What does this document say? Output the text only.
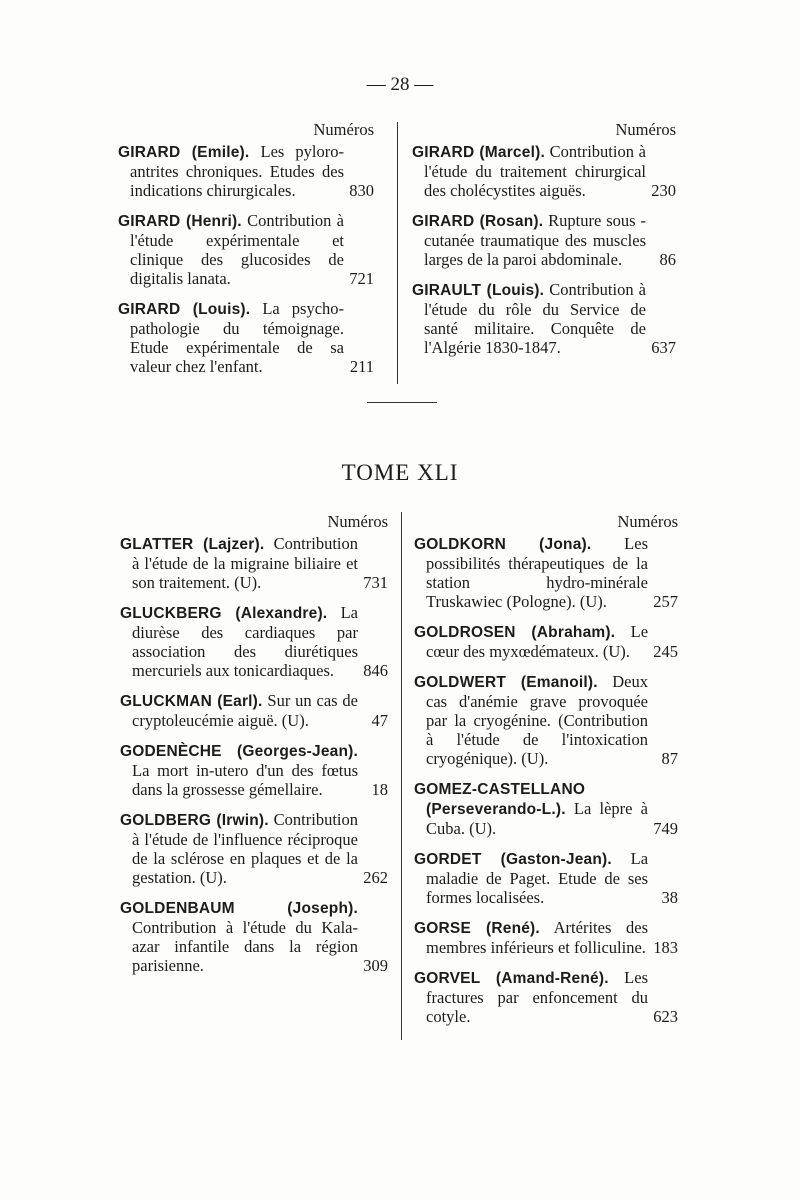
— 28 —
Numéros
GIRARD (Emile). Les pyloro-antrites chroniques. Etudes des indications chirurgicales.	830
GIRARD (Henri). Contribution à l'étude expérimentale et clinique des glucosides de digitalis lanata.	721
GIRARD (Louis). La psycho-pathologie du témoignage. Etude expérimentale de sa valeur chez l'enfant.	211
Numéros
GIRARD (Marcel). Contribution à l'étude du traitement chirurgical des cholécystites aiguës.	230
GIRARD (Rosan). Rupture sous - cutanée traumatique des muscles larges de la paroi abdominale. 86
GIRAULT (Louis). Contribution à l'étude du rôle du Service de santé militaire. Conquête de l'Algérie 1830-1847.	637
TOME XLI
Numéros
GLATTER (Lajzer). Contribution à l'étude de la migraine biliaire et son traitement. (U).	731
GLUCKBERG (Alexandre). La diurèse des cardiaques par association des diurétiques mercuriels aux tonicardiaques. 846
GLUCKMAN (Earl). Sur un cas de cryptoleucémie aiguë. (U).	47
GODENÈCHE (Georges-Jean). La mort in-utero d'un des fœtus dans la grossesse gémellaire.	18
GOLDBERG (Irwin). Contribution à l'étude de l'influence réciproque de la sclérose en plaques et de la gestation. (U).	262
GOLDENBAUM (Joseph). Contribution à l'étude du Kala-azar infantile dans la région parisienne.	309
Numéros
GOLDKORN (Jona). Les possibilités thérapeutiques de la station hydro-minérale Truskawiec (Pologne). (U).	257
GOLDROSEN (Abraham). Le cœur des myxœdémateux. (U). 245
GOLDWERT (Emanoil). Deux cas d'anémie grave provoquée par la cryogénine. (Contribution à l'étude de l'intoxication cryogénique). (U).	87
GOMEZ-CASTELLANO (Perseverando-L.). La lèpre à Cuba. (U).	749
GORDET (Gaston-Jean). La maladie de Paget. Etude de ses formes localisées.	38
GORSE (René). Artérites des membres inférieurs et folliculine. 183
GORVEL (Amand-René). Les fractures par enfoncement du cotyle.	623
